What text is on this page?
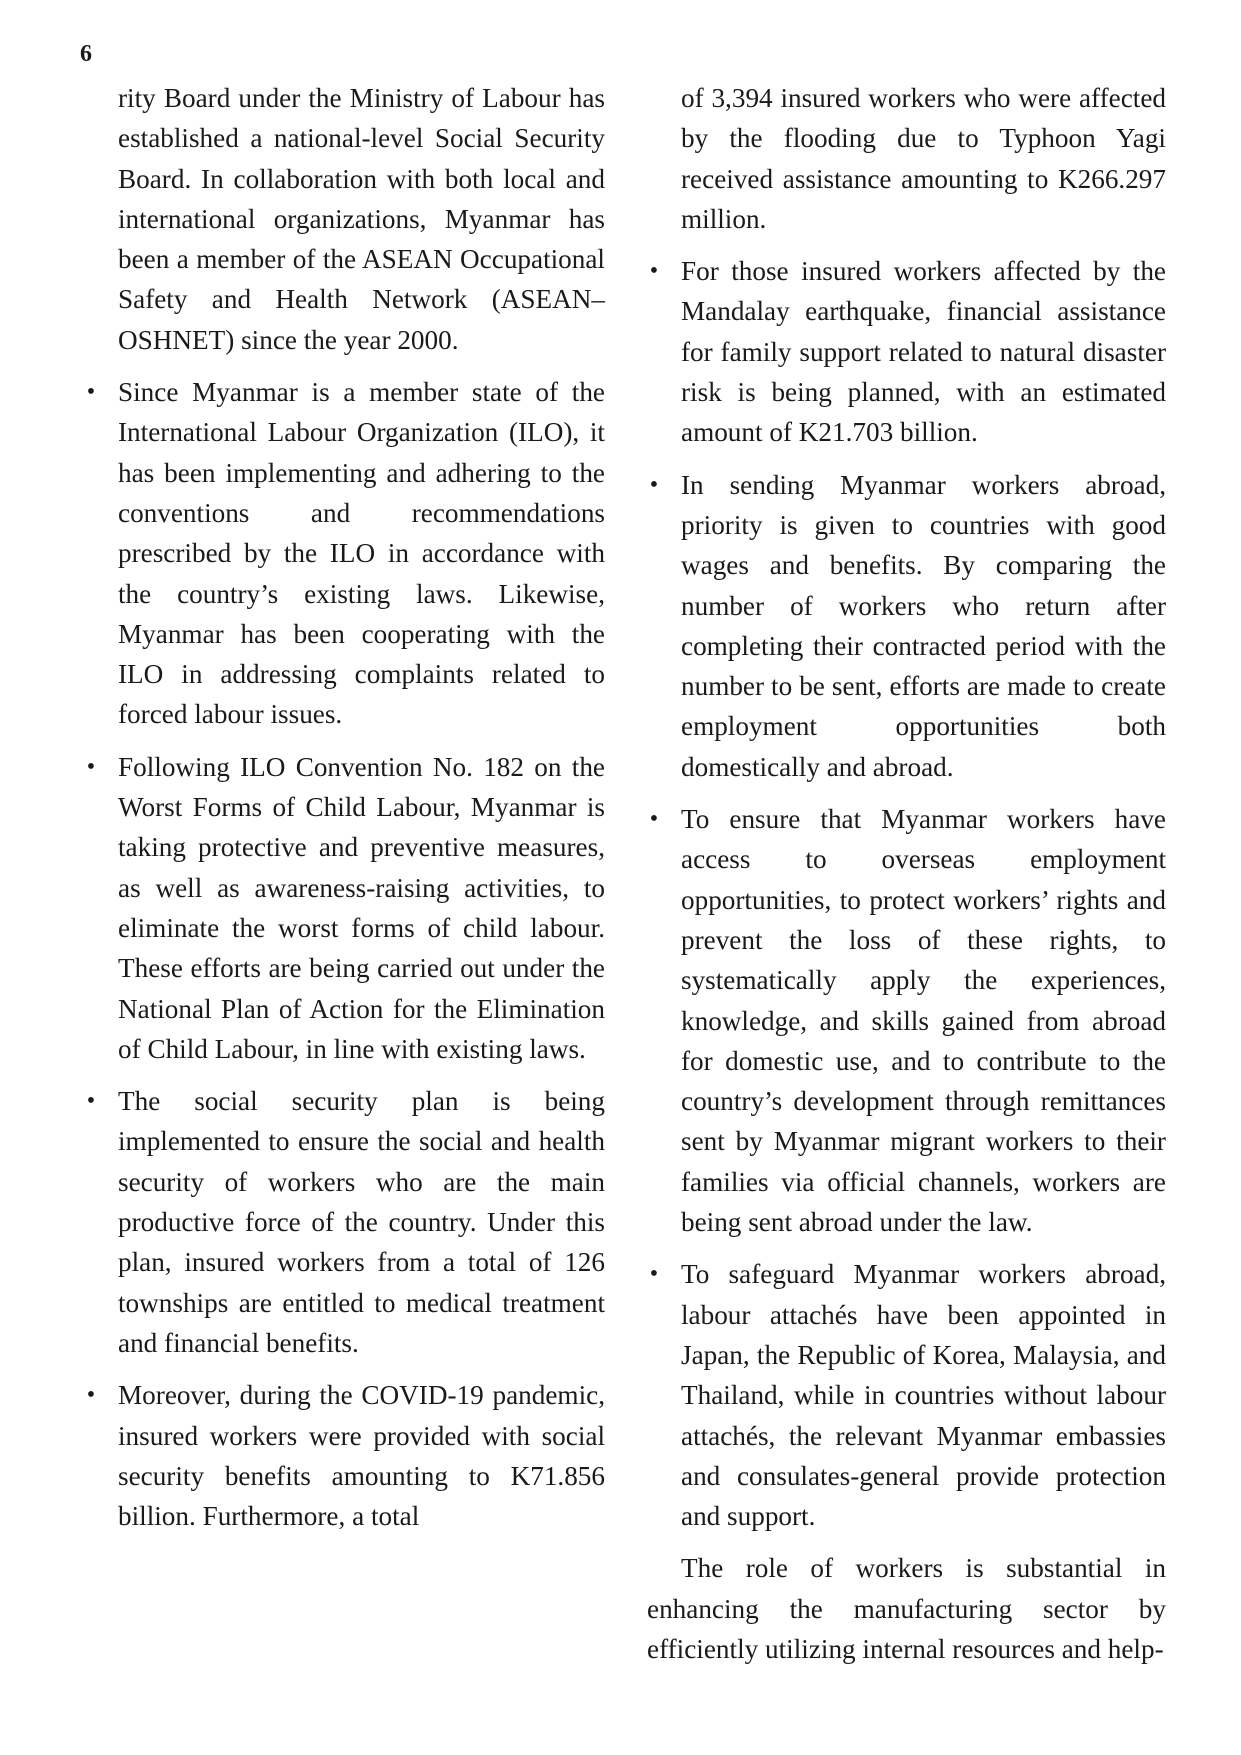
6

rity Board under the Ministry of Labour has established a national-level Social Security Board. In collaboration with both local and international organizations, Myanmar has been a member of the ASEAN Occupational Safety and Health Network (ASEAN–OSHNET) since the year 2000.

• Since Myanmar is a member state of the International Labour Organization (ILO), it has been implementing and adhering to the conventions and recommendations prescribed by the ILO in accordance with the country’s existing laws. Likewise, Myanmar has been cooperating with the ILO in addressing complaints related to forced labour issues.

• Following ILO Convention No. 182 on the Worst Forms of Child Labour, Myanmar is taking protective and preventive measures, as well as awareness-raising activities, to eliminate the worst forms of child labour. These efforts are being carried out under the National Plan of Action for the Elimination of Child Labour, in line with existing laws.

• The social security plan is being implemented to ensure the social and health security of workers who are the main productive force of the country. Under this plan, insured workers from a total of 126 townships are entitled to medical treatment and financial benefits.

• Moreover, during the COVID-19 pandemic, insured workers were provided with social security benefits amounting to K71.856 billion. Furthermore, a total

of 3,394 insured workers who were affected by the flooding due to Typhoon Yagi received assistance amounting to K266.297 million.

• For those insured workers affected by the Mandalay earthquake, financial assistance for family support related to natural disaster risk is being planned, with an estimated amount of K21.703 billion.

• In sending Myanmar workers abroad, priority is given to countries with good wages and benefits. By comparing the number of workers who return after completing their contracted period with the number to be sent, efforts are made to create employment opportunities both domestically and abroad.

• To ensure that Myanmar workers have access to overseas employment opportunities, to protect workers’ rights and prevent the loss of these rights, to systematically apply the experiences, knowledge, and skills gained from abroad for domestic use, and to contribute to the country’s development through remittances sent by Myanmar migrant workers to their families via official channels, workers are being sent abroad under the law.

• To safeguard Myanmar workers abroad, labour attachés have been appointed in Japan, the Republic of Korea, Malaysia, and Thailand, while in countries without labour attachés, the relevant Myanmar embassies and consulates-general provide protection and support.

The role of workers is substantial in enhancing the manufacturing sector by efficiently utilizing internal resources and help-
